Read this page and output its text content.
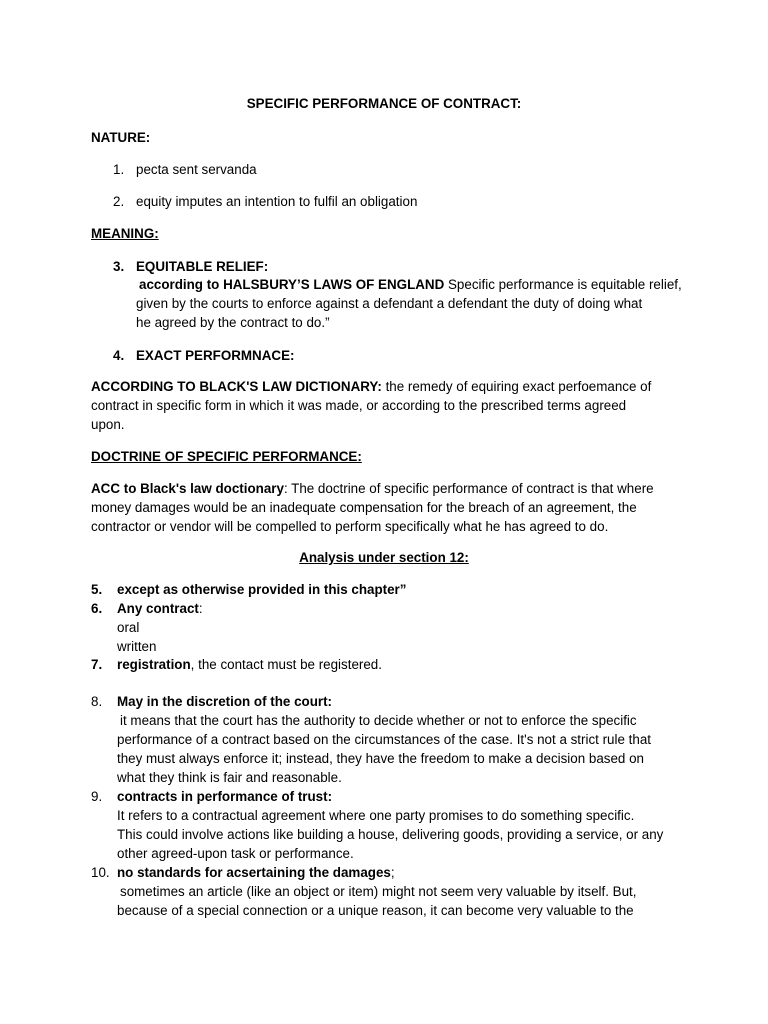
SPECIFIC PERFORMANCE OF CONTRACT:
NATURE:
1. pecta sent servanda
2. equity imputes an intention to fulfil an obligation
MEANING:
3. EQUITABLE RELIEF:
according to HALSBURY’S LAWS OF ENGLAND Specific performance is equitable relief,
given by the courts to enforce against a defendant a defendant the duty of doing what
he agreed by the contract to do.”
4. EXACT PERFORMNACE:
ACCORDING TO BLACK'S LAW DICTIONARY: the remedy of equiring exact perfoemance of
contract in specific form in which it was made, or according to the prescribed terms agreed
upon.
DOCTRINE OF SPECIFIC PERFORMANCE:
ACC to Black's law doctionary: The doctrine of specific performance of contract is that where
money damages would be an inadequate compensation for the breach of an agreement, the
contractor or vendor will be compelled to perform specifically what he has agreed to do.
Analysis under section 12:
5. except as otherwise provided in this chapter”
6. Any contract:
oral
written
7. registration, the contact must be registered.
8. May in the discretion of the court:
it means that the court has the authority to decide whether or not to enforce the specific
performance of a contract based on the circumstances of the case. It's not a strict rule that
they must always enforce it; instead, they have the freedom to make a decision based on
what they think is fair and reasonable.
9. contracts in performance of trust:
It refers to a contractual agreement where one party promises to do something specific.
This could involve actions like building a house, delivering goods, providing a service, or any
other agreed-upon task or performance.
10. no standards for acsertaining the damages;
sometimes an article (like an object or item) might not seem very valuable by itself. But,
because of a special connection or a unique reason, it can become very valuable to the
